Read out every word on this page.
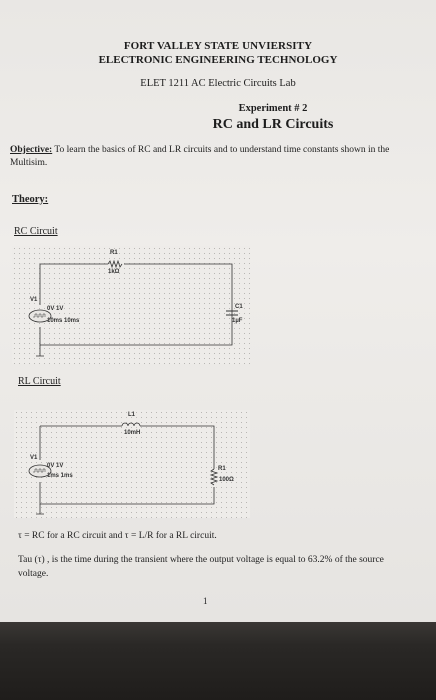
FORT VALLEY STATE UNVIERSITY
ELECTRONIC ENGINEERING TECHNOLOGY
ELET 1211 AC Electric Circuits Lab
Experiment # 2
RC and LR Circuits
Objective: To learn the basics of RC and LR circuits and to understand time constants shown in the Multisim.
Theory:
RC Circuit
R1
1kΩ
C1
1µF
V1
0V 1V
10ms 10ms
RL Circuit
L1
10mH
R1
100Ω
V1
0V 1V
1ms 1ms
τ = RC for a RC circuit and τ = L/R for a RL circuit.
Tau (τ) , is the time during the transient where the output voltage is equal to 63.2% of the source voltage.
1
